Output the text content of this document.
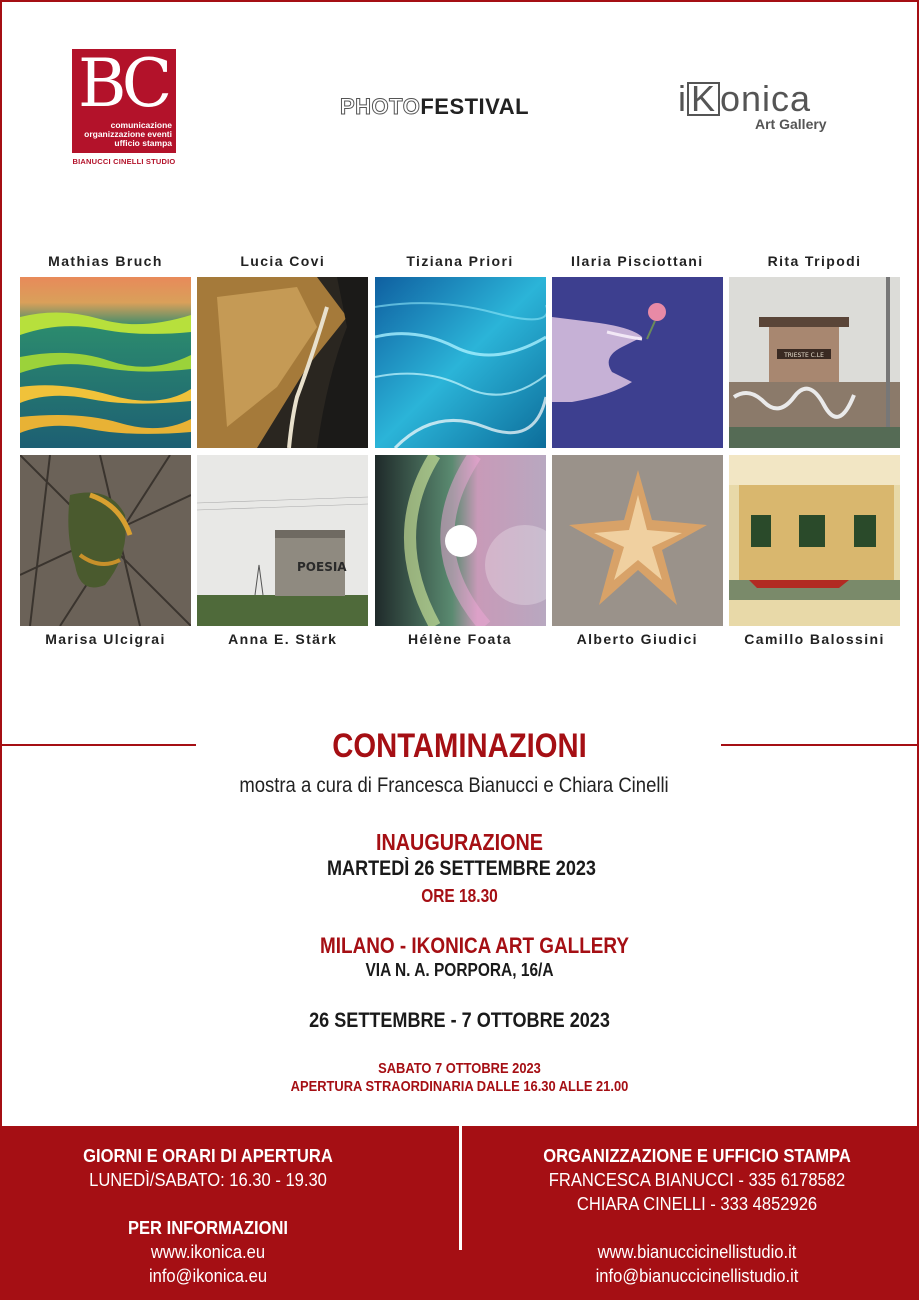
BC
comunicazione
organizzazione eventi
ufficio stampa
BIANUCCI CINELLI STUDIO
PHOTOFESTIVAL	i K onica
Art Gallery
Mathias Bruch	Lucia Covi	Tiziana Priori	Ilaria Pisciottani	Rita Tripodi
TRIESTE C.LE
POESIA
Marisa Ulcigrai	Anna E. Stärk	Hélène Foata	Alberto Giudici	Camillo Balossini
CONTAMINAZIONI
mostra a cura di Francesca Bianucci e Chiara Cinelli
INAUGURAZIONE
MARTEDÌ 26 SETTEMBRE 2023
ORE 18.30
MILANO - IKONICA ART GALLERY
VIA N. A. PORPORA, 16/A
26 SETTEMBRE - 7 OTTOBRE 2023
SABATO 7 OTTOBRE 2023
APERTURA STRAORDINARIA DALLE 16.30 ALLE 21.00

GIORNI E ORARI DI APERTURA

LUNEDÌ/SABATO: 16.30 - 19.30

PER INFORMAZIONI

www.ikonica.eu

info@ikonica.eu

ORGANIZZAZIONE E UFFICIO STAMPA

FRANCESCA BIANUCCI - 335 6178582

CHIARA CINELLI - 333 4852926

www.bianuccicinellistudio.it

info@bianuccicinellistudio.it
